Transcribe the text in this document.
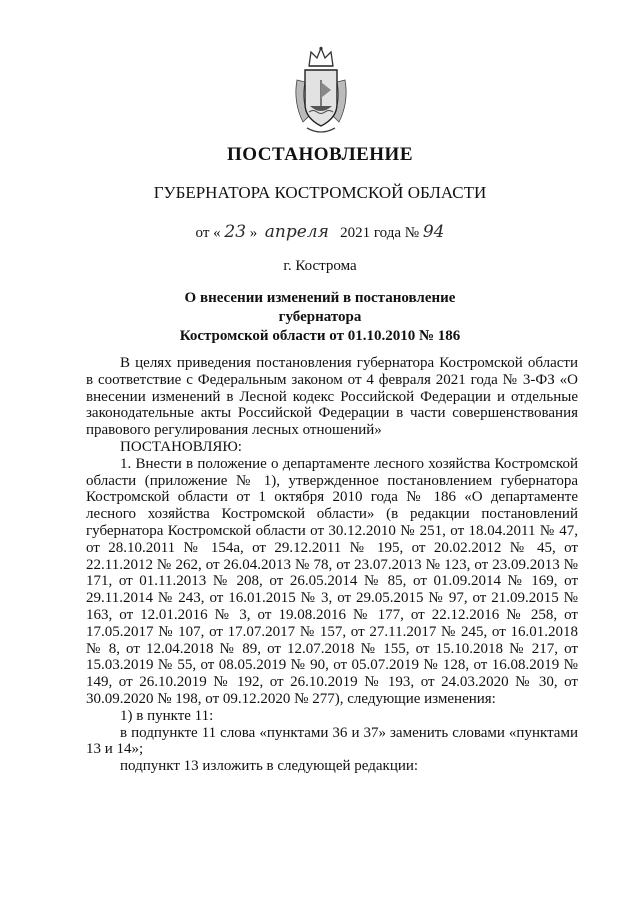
ПОСТАНОВЛЕНИЕ
ГУБЕРНАТОРА КОСТРОМСКОЙ ОБЛАСТИ
от « 23 » апреля 2021 года № 94
г. Кострома
О внесении изменений в постановление губернатора
Костромской области от 01.10.2010 № 186

В целях приведения постановления губернатора Костромской области в соответствие с Федеральным законом от 4 февраля 2021 года № 3-ФЗ «О внесении изменений в Лесной кодекс Российской Федерации и отдельные законодательные акты Российской Федерации в части совершенствования правового регулирования лесных отношений»

ПОСТАНОВЛЯЮ:

1. Внести в положение о департаменте лесного хозяйства Костромской области (приложение № 1), утвержденное постановлением губернатора Костромской области от 1 октября 2010 года № 186 «О департаменте лесного хозяйства Костромской области» (в редакции постановлений губернатора Костромской области от 30.12.2010 № 251, от 18.04.2011 № 47, от 28.10.2011 № 154а, от 29.12.2011 № 195, от 20.02.2012 № 45, от 22.11.2012 № 262, от 26.04.2013 № 78, от 23.07.2013 № 123, от 23.09.2013 № 171, от 01.11.2013 № 208, от 26.05.2014 № 85, от 01.09.2014 № 169, от 29.11.2014 № 243, от 16.01.2015 № 3, от 29.05.2015 № 97, от 21.09.2015 № 163, от 12.01.2016 № 3, от 19.08.2016 № 177, от 22.12.2016 № 258, от 17.05.2017 № 107, от 17.07.2017 № 157, от 27.11.2017 № 245, от 16.01.2018 № 8, от 12.04.2018 № 89, от 12.07.2018 № 155, от 15.10.2018 № 217, от 15.03.2019 № 55, от 08.05.2019 № 90, от 05.07.2019 № 128, от 16.08.2019 № 149, от 26.10.2019 № 192, от 26.10.2019 № 193, от 24.03.2020 № 30, от 30.09.2020 № 198, от 09.12.2020 № 277), следующие изменения:

1) в пункте 11:

в подпункте 11 слова «пунктами 36 и 37» заменить словами «пунктами 13 и 14»;

подпункт 13 изложить в следующей редакции:
